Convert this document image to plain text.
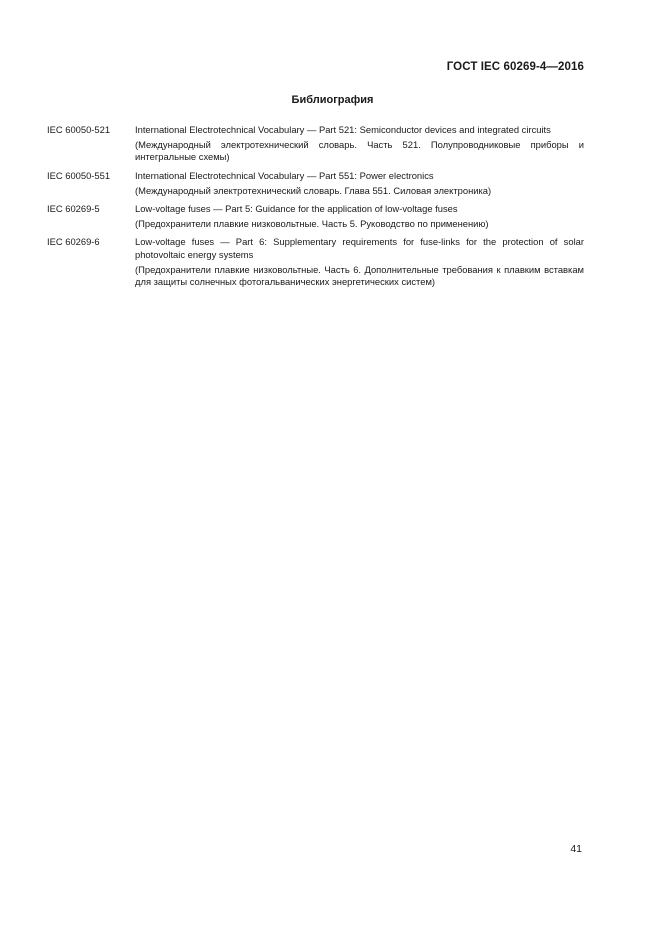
ГОСТ IEC 60269-4—2016
Библиография
IEC 60050-521	International Electrotechnical Vocabulary — Part 521: Semiconductor devices and integrated circuits
(Международный электротехнический словарь. Часть 521. Полупроводниковые приборы и интегральные схемы)
IEC 60050-551	International Electrotechnical Vocabulary — Part 551: Power electronics
(Международный электротехнический словарь. Глава 551. Силовая электроника)
IEC 60269-5	Low-voltage fuses — Part 5: Guidance for the application of low-voltage fuses
(Предохранители плавкие низковольтные. Часть 5. Руководство по применению)
IEC 60269-6	Low-voltage fuses — Part 6: Supplementary requirements for fuse-links for the protection of solar photovoltaic energy systems
(Предохранители плавкие низковольтные. Часть 6. Дополнительные требования к плавким вставкам для защиты солнечных фотогальванических энергетических систем)
41
